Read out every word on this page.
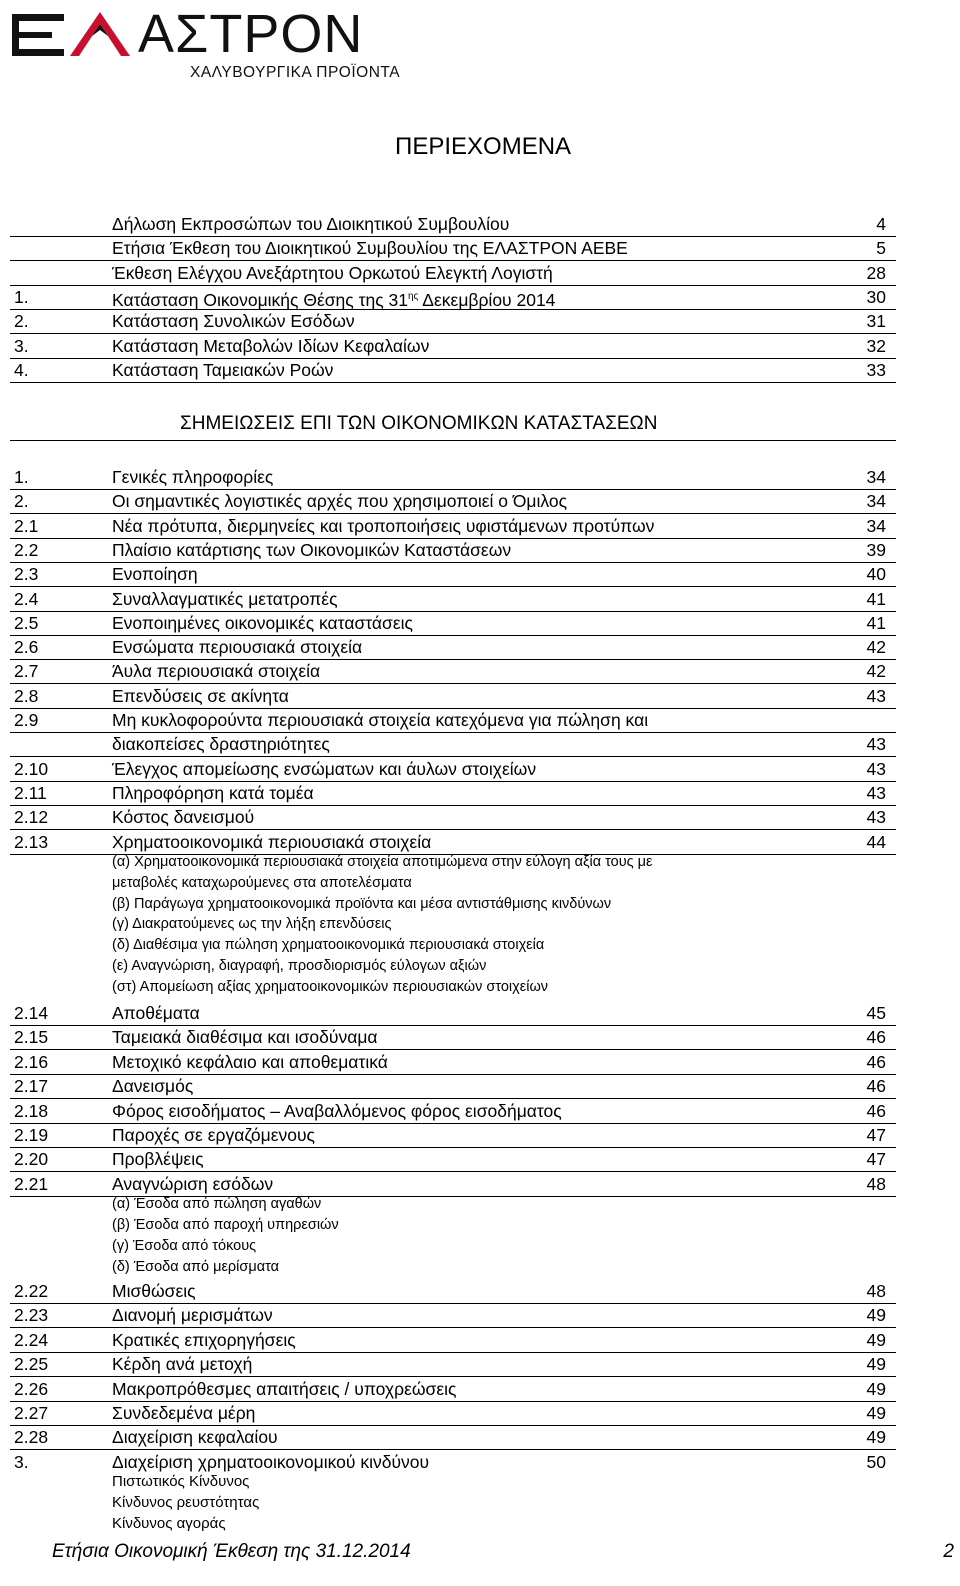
ΑΣΤΡΟΝ
ΧΑΛΥΒΟΥΡΓΙΚΑ ΠΡΟΪΟΝΤΑ
ΠΕΡΙΕΧΟΜΕΝΑ
Δήλωση Εκπροσώπων του Διοικητικού Συμβουλίου	4
Ετήσια Έκθεση του Διοικητικού Συμβουλίου της ΕΛΑΣΤΡΟΝ ΑΕΒΕ	5
Έκθεση Ελέγχου Ανεξάρτητου Ορκωτού Ελεγκτή Λογιστή	28
1.	Κατάσταση Οικονομικής Θέσης της $31^{\eta\varsigma}$ Δεκεμβρίου 2014	30
2.	Κατάσταση Συνολικών Εσόδων	31
3.	Κατάσταση Μεταβολών Ιδίων Κεφαλαίων	32
4.	Κατάσταση Ταμειακών Ροών	33
ΣΗΜΕΙΩΣΕΙΣ ΕΠΙ ΤΩΝ ΟΙΚΟΝΟΜΙΚΩΝ ΚΑΤΑΣΤΑΣΕΩΝ
1.	Γενικές πληροφορίες	34
2.	Οι σημαντικές λογιστικές αρχές που χρησιμοποιεί ο Όμιλος	34
2.1	Νέα πρότυπα, διερμηνείες και τροποποιήσεις υφιστάμενων προτύπων	34
2.2	Πλαίσιο κατάρτισης των Οικονομικών Καταστάσεων	39
2.3	Ενοποίηση	40
2.4	Συναλλαγματικές μετατροπές	41
2.5	Ενοποιημένες οικονομικές καταστάσεις	41
2.6	Ενσώματα περιουσιακά στοιχεία	42
2.7	Άυλα περιουσιακά στοιχεία	42
2.8	Επενδύσεις σε ακίνητα	43
2.9	Μη κυκλοφορούντα περιουσιακά στοιχεία κατεχόμενα για πώληση και
διακοπείσες δραστηριότητες	43
2.10	Έλεγχος απομείωσης ενσώματων και άυλων στοιχείων	43
2.11	Πληροφόρηση κατά τομέα	43
2.12	Κόστος δανεισμού	43
2.13	Χρηματοοικονομικά περιουσιακά στοιχεία	44
(α) Χρηματοοικονομικά περιουσιακά στοιχεία αποτιμώμενα στην εύλογη αξία τους με
μεταβολές καταχωρούμενες στα αποτελέσματα
(β) Παράγωγα χρηματοοικονομικά προϊόντα και μέσα αντιστάθμισης κινδύνων
(γ) Διακρατούμενες ως την λήξη επενδύσεις
(δ) Διαθέσιμα για πώληση χρηματοοικονομικά περιουσιακά στοιχεία
(ε) Αναγνώριση, διαγραφή, προσδιορισμός εύλογων αξιών
(στ) Απομείωση αξίας χρηματοοικονομικών περιουσιακών στοιχείων
2.14	Αποθέματα	45
2.15	Ταμειακά διαθέσιμα και ισοδύναμα	46
2.16	Μετοχικό κεφάλαιο και αποθεματικά	46
2.17	Δανεισμός	46
2.18	Φόρος εισοδήματος – Αναβαλλόμενος φόρος εισοδήματος	46
2.19	Παροχές σε εργαζόμενους	47
2.20	Προβλέψεις	47
2.21	Αναγνώριση εσόδων	48
(α) Έσοδα από πώληση αγαθών
(β) Έσοδα από παροχή υπηρεσιών
(γ) Έσοδα από τόκους
(δ) Έσοδα από μερίσματα
2.22	Μισθώσεις	48
2.23	Διανομή μερισμάτων	49
2.24	Κρατικές επιχορηγήσεις	49
2.25	Κέρδη ανά μετοχή	49
2.26	Μακροπρόθεσμες απαιτήσεις / υποχρεώσεις	49
2.27	Συνδεδεμένα μέρη	49
2.28	Διαχείριση κεφαλαίου	49
3.	Διαχείριση χρηματοοικονομικού κινδύνου	50
Πιστωτικός Κίνδυνος
Κίνδυνος ρευστότητας
Κίνδυνος αγοράς
Ετήσια Οικονομική Έκθεση της 31.12.2014	2
